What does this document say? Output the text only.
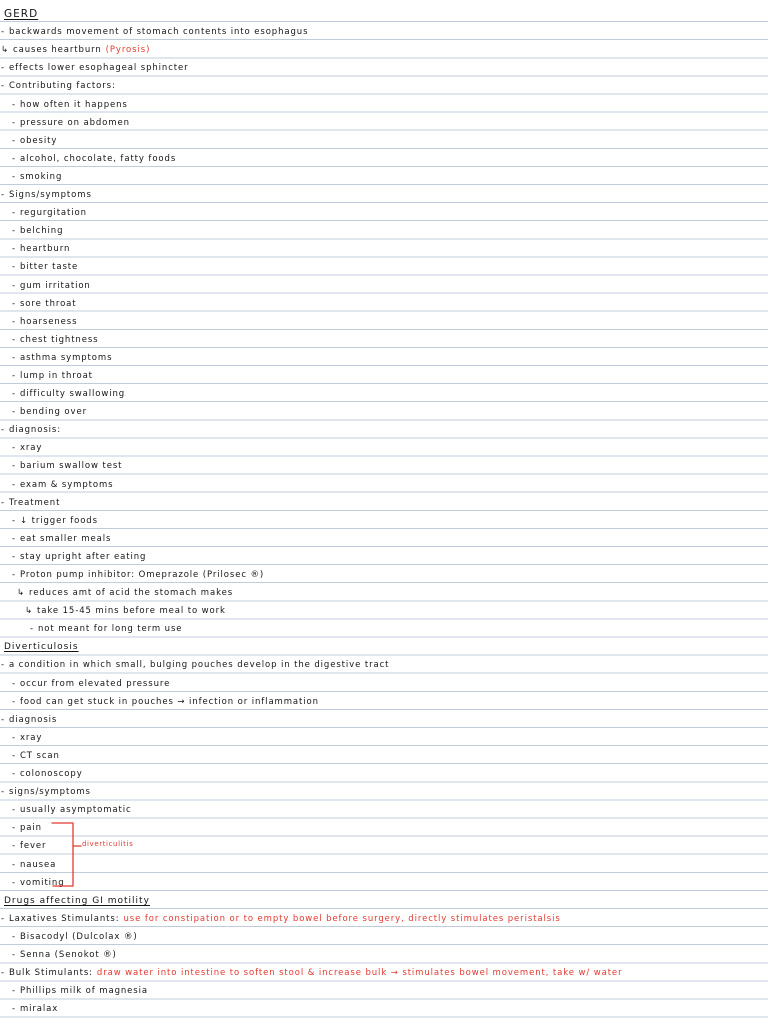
GERD
- backwards movement of stomach contents into esophagus
↳ causes heartburn (Pyrosis)
- effects lower esophageal sphincter
- Contributing factors:
- how often it happens
- pressure on abdomen
- obesity
- alcohol, chocolate, fatty foods
- smoking
- Signs/symptoms
- regurgitation
- belching
- heartburn
- bitter taste
- gum irritation
- sore throat
- hoarseness
- chest tightness
- asthma symptoms
- lump in throat
- difficulty swallowing
- bending over
- diagnosis:
- xray
- barium swallow test
- exam & symptoms
- Treatment
- ↓ trigger foods
- eat smaller meals
- stay upright after eating
- Proton pump inhibitor: Omeprazole (Prilosec ®)
↳ reduces amt of acid the stomach makes
↳ take 15-45 mins before meal to work
- not meant for long term use
Diverticulosis
- a condition in which small, bulging pouches develop in the digestive tract
- occur from elevated pressure
- food can get stuck in pouches → infection or inflammation
- diagnosis
- xray
- CT scan
- colonoscopy
- signs/symptoms
- usually asymptomatic
- pain
- fever
- nausea
- vomiting
Drugs affecting GI motility
- Laxatives Stimulants: use for constipation or to empty bowel before surgery, directly stimulates peristalsis
- Bisacodyl (Dulcolax ®)
- Senna (Senokot ®)
- Bulk Stimulants: draw water into intestine to soften stool & increase bulk → stimulates bowel movement, take w/ water
- Phillips milk of magnesia
- miralax
diverticulitis
